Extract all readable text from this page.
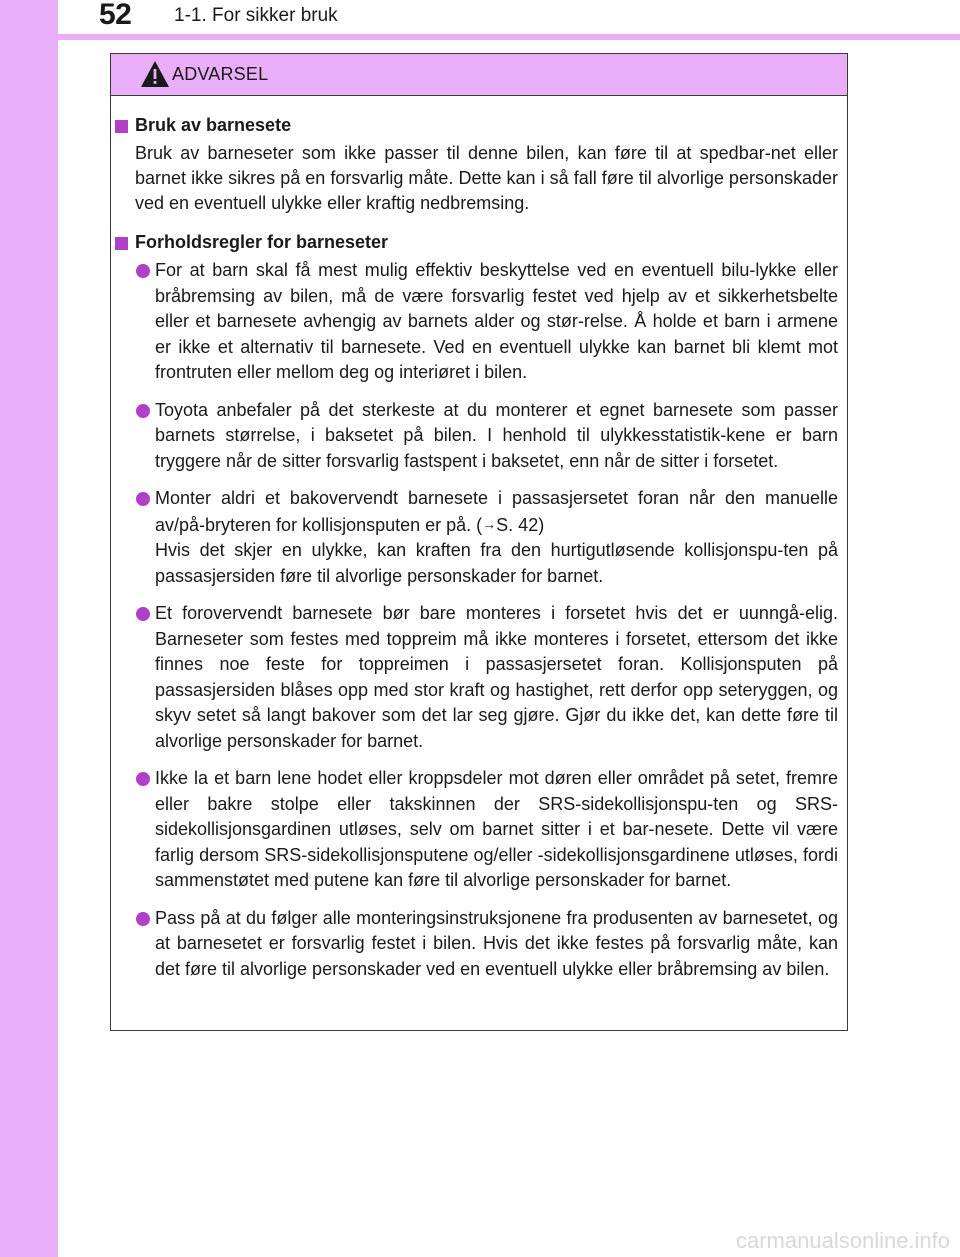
52 1-1. For sikker bruk
ADVARSEL
Bruk av barnesete

Bruk av barneseter som ikke passer til denne bilen, kan føre til at spedbar-net eller barnet ikke sikres på en forsvarlig måte. Dette kan i så fall føre til alvorlige personskader ved en eventuell ulykke eller kraftig nedbremsing.

Forholdsregler for barneseter
For at barn skal få mest mulig effektiv beskyttelse ved en eventuell bilu-lykke eller bråbremsing av bilen, må de være forsvarlig festet ved hjelp av et sikkerhetsbelte eller et barnesete avhengig av barnets alder og stør-relse. Å holde et barn i armene er ikke et alternativ til barnesete. Ved en eventuell ulykke kan barnet bli klemt mot frontruten eller mellom deg og interiøret i bilen.
Toyota anbefaler på det sterkeste at du monterer et egnet barnesete som passer barnets størrelse, i baksetet på bilen. I henhold til ulykkesstatistik-kene er barn tryggere når de sitter forsvarlig fastspent i baksetet, enn når de sitter i forsetet.
Monter aldri et bakovervendt barnesete i passasjersetet foran når den manuelle av/på-bryteren for kollisjonsputen er på. (→S. 42)
Hvis det skjer en ulykke, kan kraften fra den hurtigutløsende kollisjonspu-ten på passasjersiden føre til alvorlige personskader for barnet.
Et forovervendt barnesete bør bare monteres i forsetet hvis det er uunngå-elig. Barneseter som festes med toppreim må ikke monteres i forsetet, ettersom det ikke finnes noe feste for toppreimen i passasjersetet foran. Kollisjonsputen på passasjersiden blåses opp med stor kraft og hastighet, rett derfor opp seteryggen, og skyv setet så langt bakover som det lar seg gjøre. Gjør du ikke det, kan dette føre til alvorlige personskader for barnet.
Ikke la et barn lene hodet eller kroppsdeler mot døren eller området på setet, fremre eller bakre stolpe eller takskinnen der SRS-sidekollisjonspu-ten og SRS-sidekollisjonsgardinen utløses, selv om barnet sitter i et bar-nesete. Dette vil være farlig dersom SRS-sidekollisjonsputene og/eller -sidekollisjonsgardinene utløses, fordi sammenstøtet med putene kan føre til alvorlige personskader for barnet.
Pass på at du følger alle monteringsinstruksjonene fra produsenten av barnesetet, og at barnesetet er forsvarlig festet i bilen. Hvis det ikke festes på forsvarlig måte, kan det føre til alvorlige personskader ved en eventuell ulykke eller bråbremsing av bilen.
carmanualsonline.info
